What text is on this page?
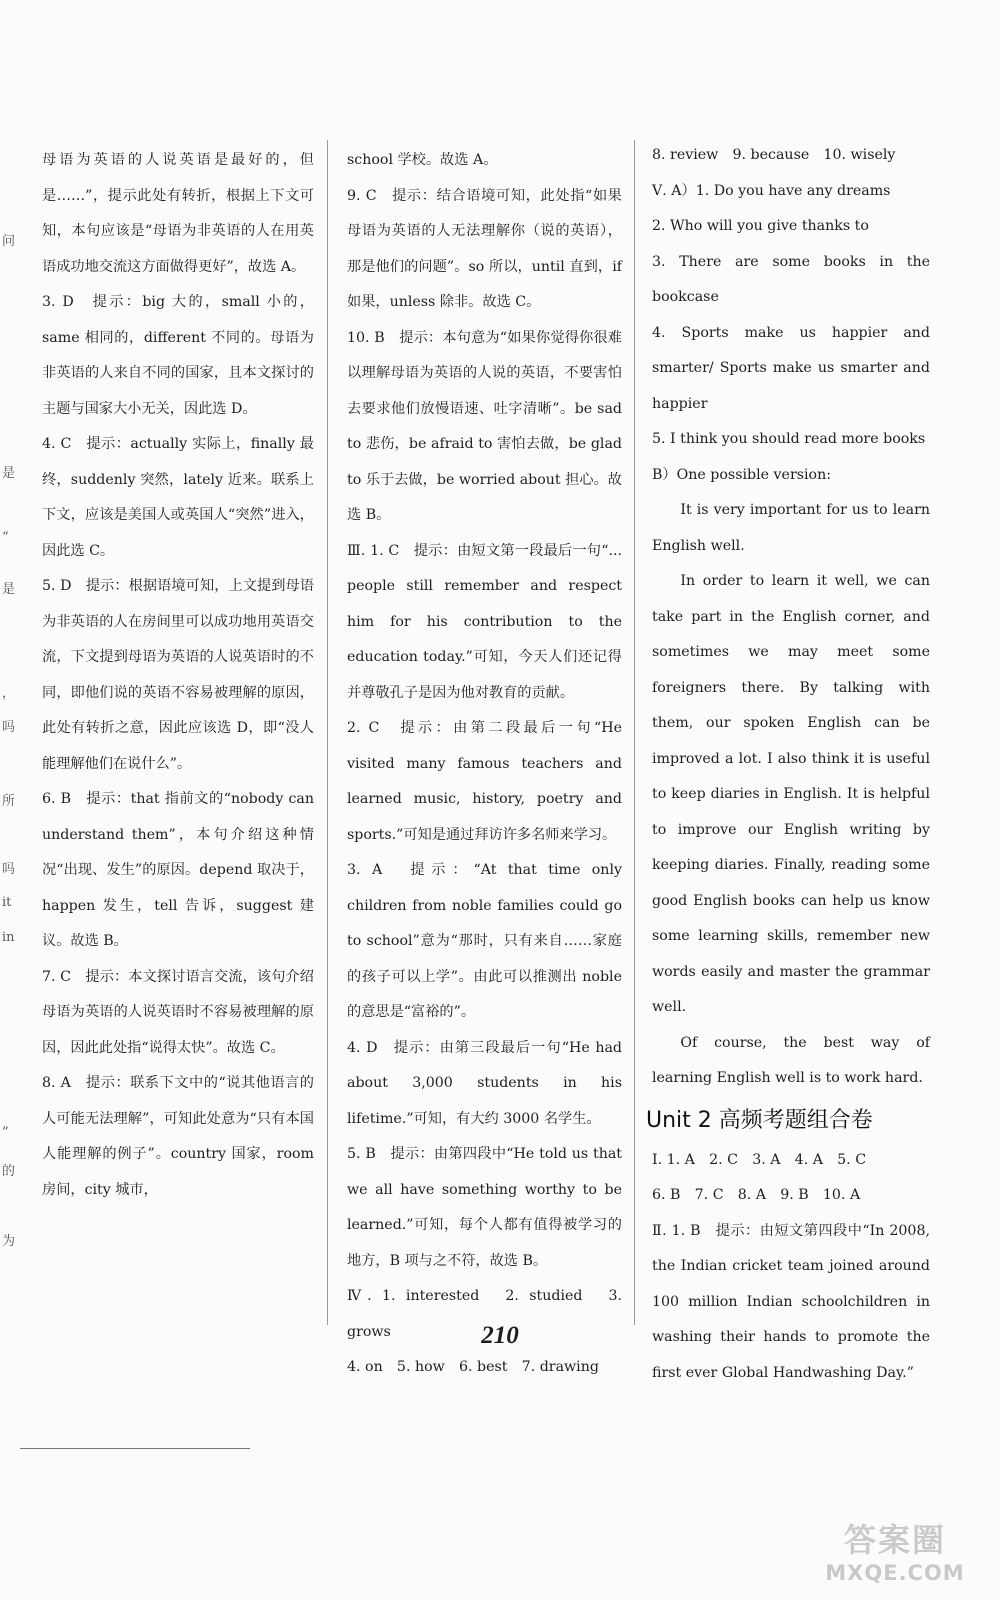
问
是
“
是
，
吗
所
吗
it
in
”
的
为

母语为英语的人说英语是最好的，但是……”，提示此处有转折，根据上下文可知，本句应该是“母语为非英语的人在用英语成功地交流这方面做得更好”，故选 A。

3. D　提示：big 大的，small 小的，same 相同的，different 不同的。母语为非英语的人来自不同的国家，且本文探讨的主题与国家大小无关，因此选 D。

4. C　提示：actually 实际上，finally 最终，suddenly 突然，lately 近来。联系上下文，应该是美国人或英国人“突然”进入，因此选 C。

5. D　提示：根据语境可知，上文提到母语为非英语的人在房间里可以成功地用英语交流，下文提到母语为英语的人说英语时的不同，即他们说的英语不容易被理解的原因，此处有转折之意，因此应该选 D，即“没人能理解他们在说什么”。

6. B　提示：that 指前文的“nobody can understand them”，本句介绍这种情况“出现、发生”的原因。depend 取决于，happen 发生，tell 告诉，suggest 建议。故选 B。

7. C　提示：本文探讨语言交流，该句介绍母语为英语的人说英语时不容易被理解的原因，因此此处指“说得太快”。故选 C。

8. A　提示：联系下文中的“说其他语言的人可能无法理解”，可知此处意为“只有本国人能理解的例子”。country 国家，room 房间，city 城市，

school 学校。故选 A。

9. C　提示：结合语境可知，此处指“如果母语为英语的人无法理解你（说的英语），那是他们的问题”。so 所以，until 直到，if 如果，unless 除非。故选 C。

10. B　提示：本句意为“如果你觉得你很难以理解母语为英语的人说的英语，不要害怕去要求他们放慢语速、吐字清晰”。be sad to 悲伤，be afraid to 害怕去做，be glad to 乐于去做，be worried about 担心。故选 B。

Ⅲ. 1. C　提示：由短文第一段最后一句“... people still remember and respect him for his contribution to the education today.”可知，今天人们还记得并尊敬孔子是因为他对教育的贡献。

2. C　提示：由第二段最后一句“He visited many famous teachers and learned music, history, poetry and sports.”可知是通过拜访许多名师来学习。

3. A　提示：“At that time only children from noble families could go to school”意为“那时，只有来自……家庭的孩子可以上学”。由此可以推测出 noble 的意思是“富裕的”。

4. D　提示：由第三段最后一句“He had about 3,000 students in his lifetime.”可知，有大约 3000 名学生。

5. B　提示：由第四段中“He told us that we all have something worthy to be learned.”可知，每个人都有值得被学习的地方，B 项与之不符，故选 B。

Ⅳ. 1. interested　2. studied　3. grows

4. on　5. how　6. best　7. drawing

8. review　9. because　10. wisely

Ⅴ. A）1. Do you have any dreams

2. Who will you give thanks to

3. There are some books in the bookcase

4. Sports make us happier and smarter/ Sports make us smarter and happier

5. I think you should read more books

B）One possible version:

It is very important for us to learn English well.

In order to learn it well, we can take part in the English corner, and sometimes we may meet some foreigners there. By talking with them, our spoken English can be improved a lot. I also think it is useful to keep diaries in English. It is helpful to improve our English writing by keeping diaries. Finally, reading some good English books can help us know some learning skills, remember new words easily and master the grammar well.

Of course, the best way of learning English well is to work hard.

Unit 2 高频考题组合卷

Ⅰ. 1. A　2. C　3. A　4. A　5. C

6. B　7. C　8. A　9. B　10. A

Ⅱ. 1. B　提示：由短文第四段中“In 2008, the Indian cricket team joined around 100 million Indian schoolchildren in washing their hands to promote the first ever Global Handwashing Day.”

210
答案圈
MXQE.COM
